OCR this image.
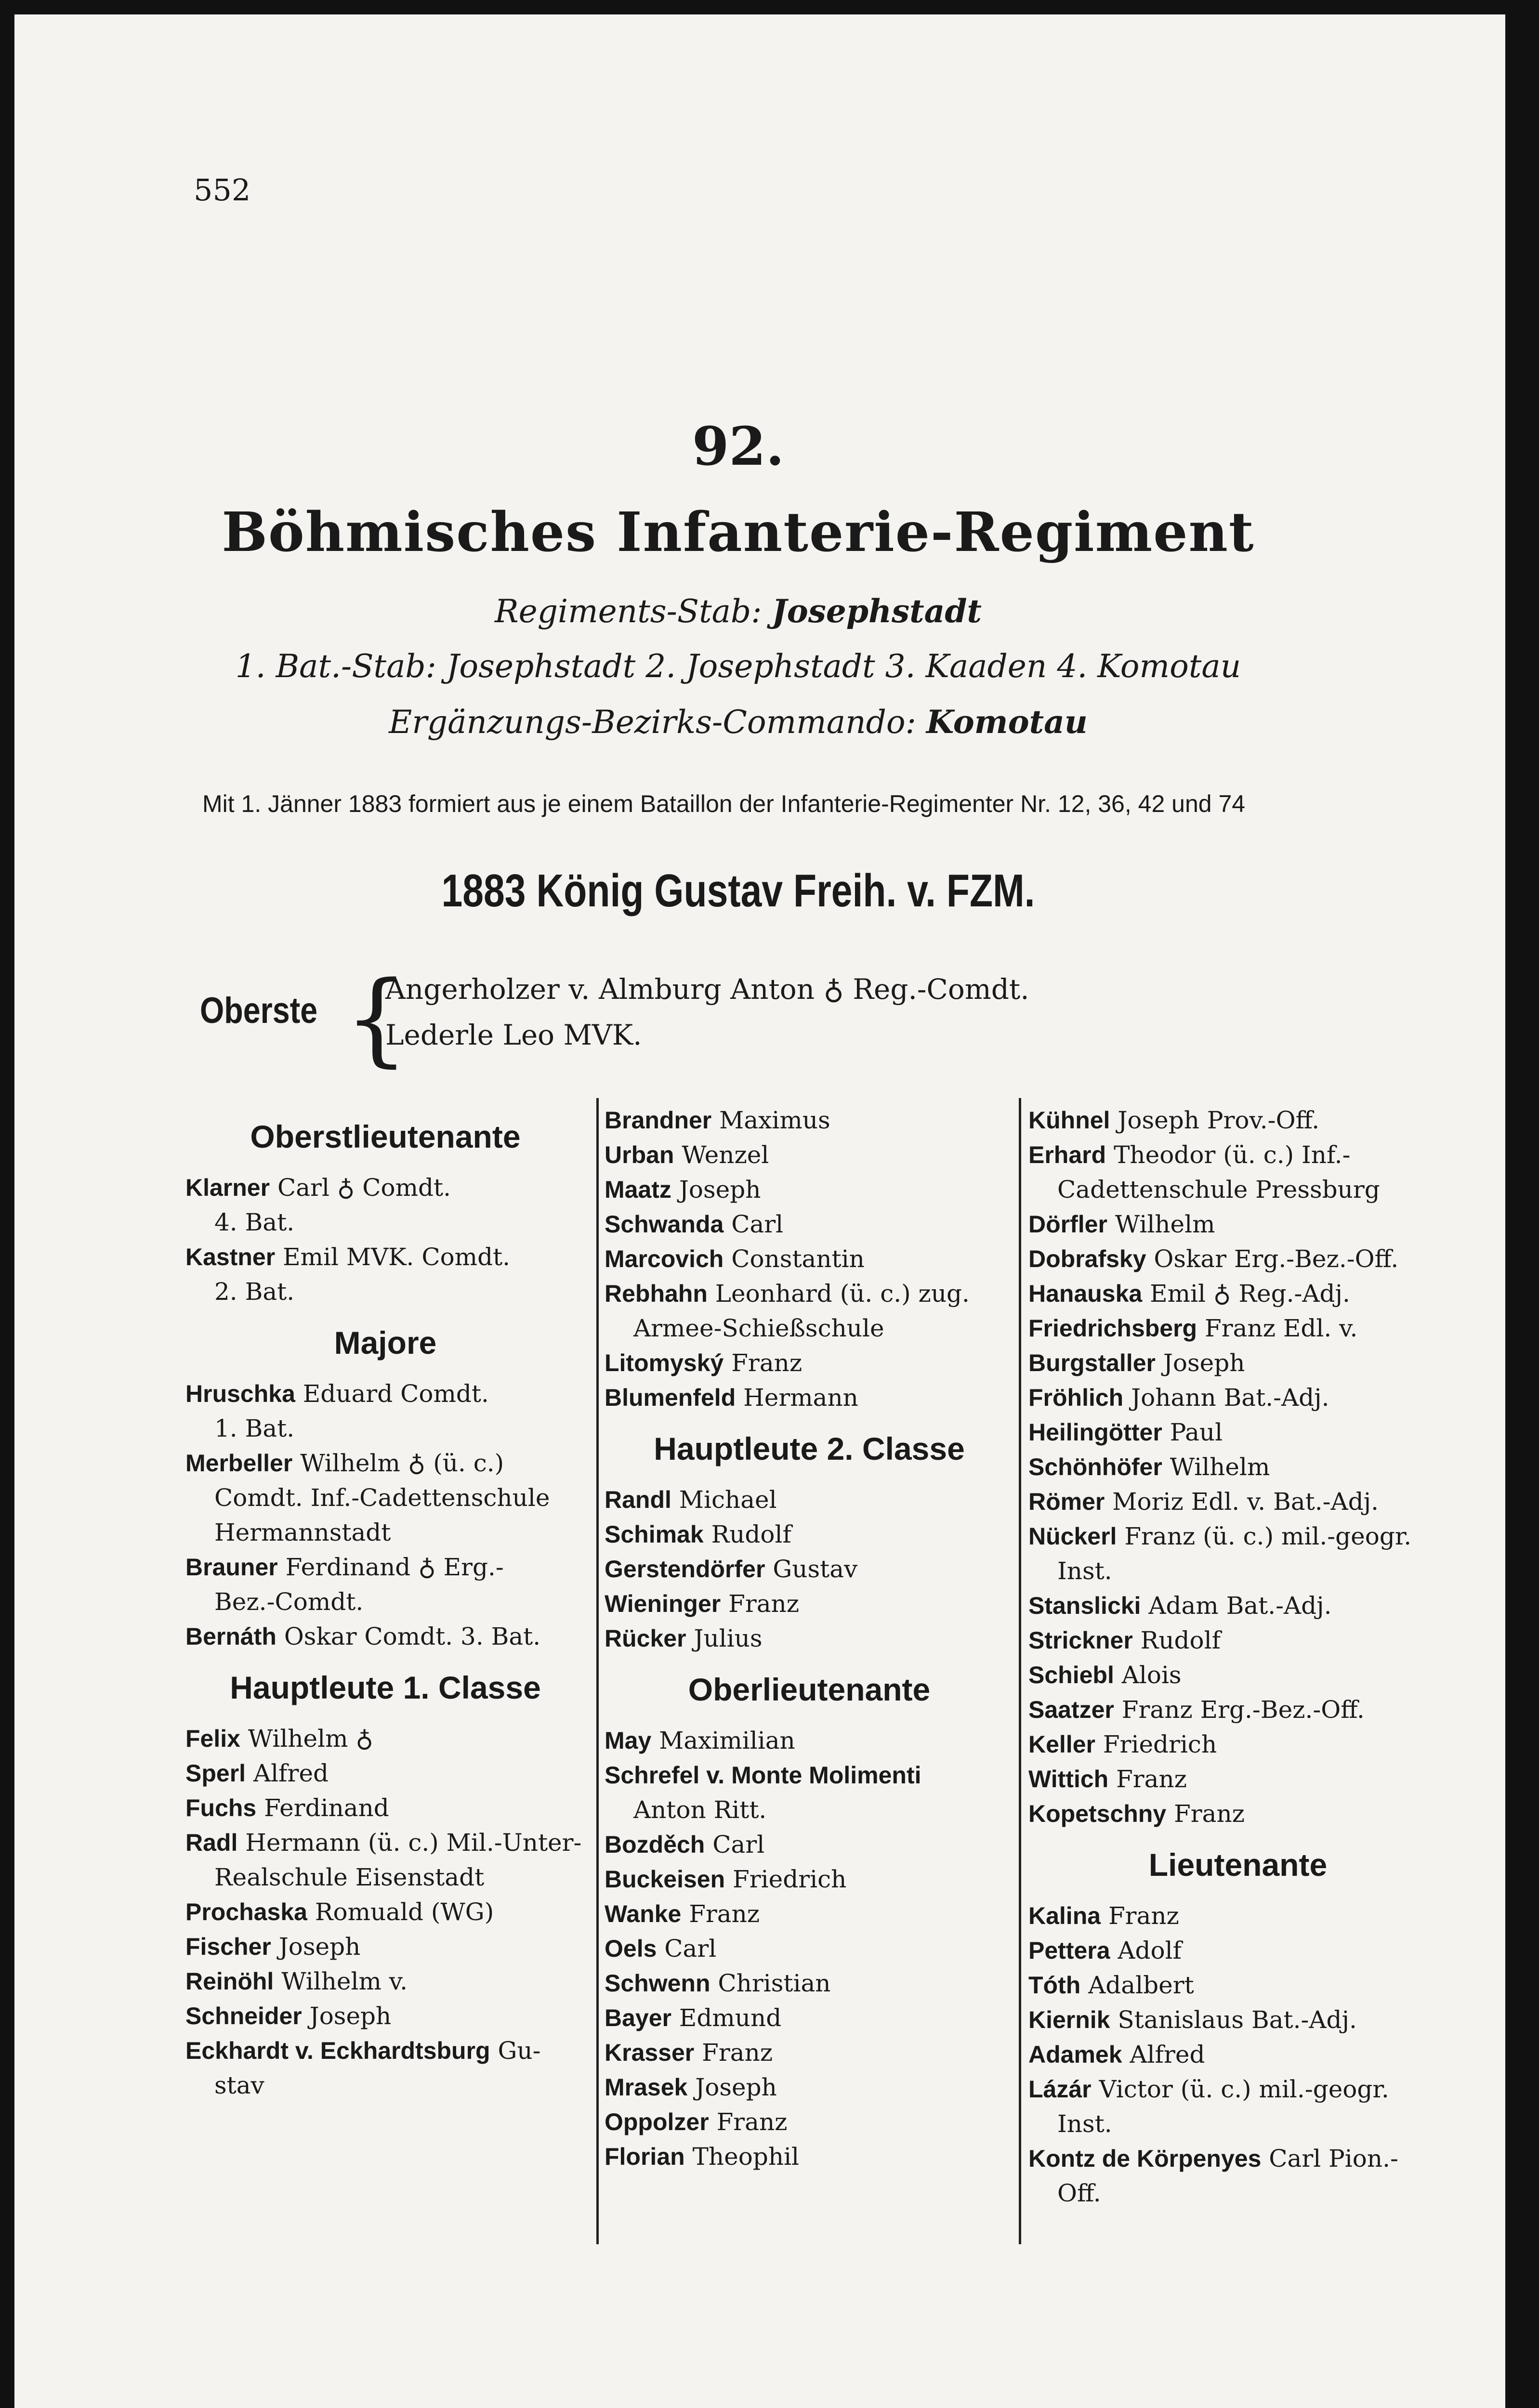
552
92.
Böhmisches Infanterie-Regiment
Regiments-Stab: Josephstadt
1. Bat.-Stab: Josephstadt 2. Josephstadt 3. Kaaden 4. Komotau
Ergänzungs-Bezirks-Commando: Komotau
Mit 1. Jänner 1883 formiert aus je einem Bataillon der Infanterie-Regimenter Nr. 12, 36, 42 und 74
1883 König Gustav Freih. v. FZM.
Oberste {
Angerholzer v. Almburg Anton ♁ Reg.-Comdt.
Lederle Leo MVK.
Oberstlieutenante
Klarner Carl ♁ Comdt.
4. Bat.
Kastner Emil MVK. Comdt.
2. Bat.
Majore
Hruschka Eduard Comdt.
1. Bat.
Merbeller Wilhelm ♁ (ü. c.)
Comdt. Inf.-Cadettenschule
Hermannstadt
Brauner Ferdinand ♁ Erg.-
Bez.-Comdt.
Bernáth Oskar Comdt. 3. Bat.
Hauptleute 1. Classe
Felix Wilhelm ♁
Sperl Alfred
Fuchs Ferdinand
Radl Hermann (ü. c.) Mil.-Unter-
Realschule Eisenstadt
Prochaska Romuald (WG)
Fischer Joseph
Reinöhl Wilhelm v.
Schneider Joseph
Eckhardt v. Eckhardtsburg Gu-
stav
Brandner Maximus
Urban Wenzel
Maatz Joseph
Schwanda Carl
Marcovich Constantin
Rebhahn Leonhard (ü. c.) zug.
Armee-Schießschule
Litomyský Franz
Blumenfeld Hermann
Hauptleute 2. Classe
Randl Michael
Schimak Rudolf
Gerstendörfer Gustav
Wieninger Franz
Rücker Julius
Oberlieutenante
May Maximilian
Schrefel v. Monte Molimenti
Anton Ritt.
Bozděch Carl
Buckeisen Friedrich
Wanke Franz
Oels Carl
Schwenn Christian
Bayer Edmund
Krasser Franz
Mrasek Joseph
Oppolzer Franz
Florian Theophil
Kühnel Joseph Prov.-Off.
Erhard Theodor (ü. c.) Inf.-
Cadettenschule Pressburg
Dörfler Wilhelm
Dobrafsky Oskar Erg.-Bez.-Off.
Hanauska Emil ♁ Reg.-Adj.
Friedrichsberg Franz Edl. v.
Burgstaller Joseph
Fröhlich Johann Bat.-Adj.
Heilingötter Paul
Schönhöfer Wilhelm
Römer Moriz Edl. v. Bat.-Adj.
Nückerl Franz (ü. c.) mil.-geogr.
Inst.
Stanslicki Adam Bat.-Adj.
Strickner Rudolf
Schiebl Alois
Saatzer Franz Erg.-Bez.-Off.
Keller Friedrich
Wittich Franz
Kopetschny Franz
Lieutenante
Kalina Franz
Pettera Adolf
Tóth Adalbert
Kiernik Stanislaus Bat.-Adj.
Adamek Alfred
Lázár Victor (ü. c.) mil.-geogr.
Inst.
Kontz de Körpenyes Carl Pion.-
Off.
